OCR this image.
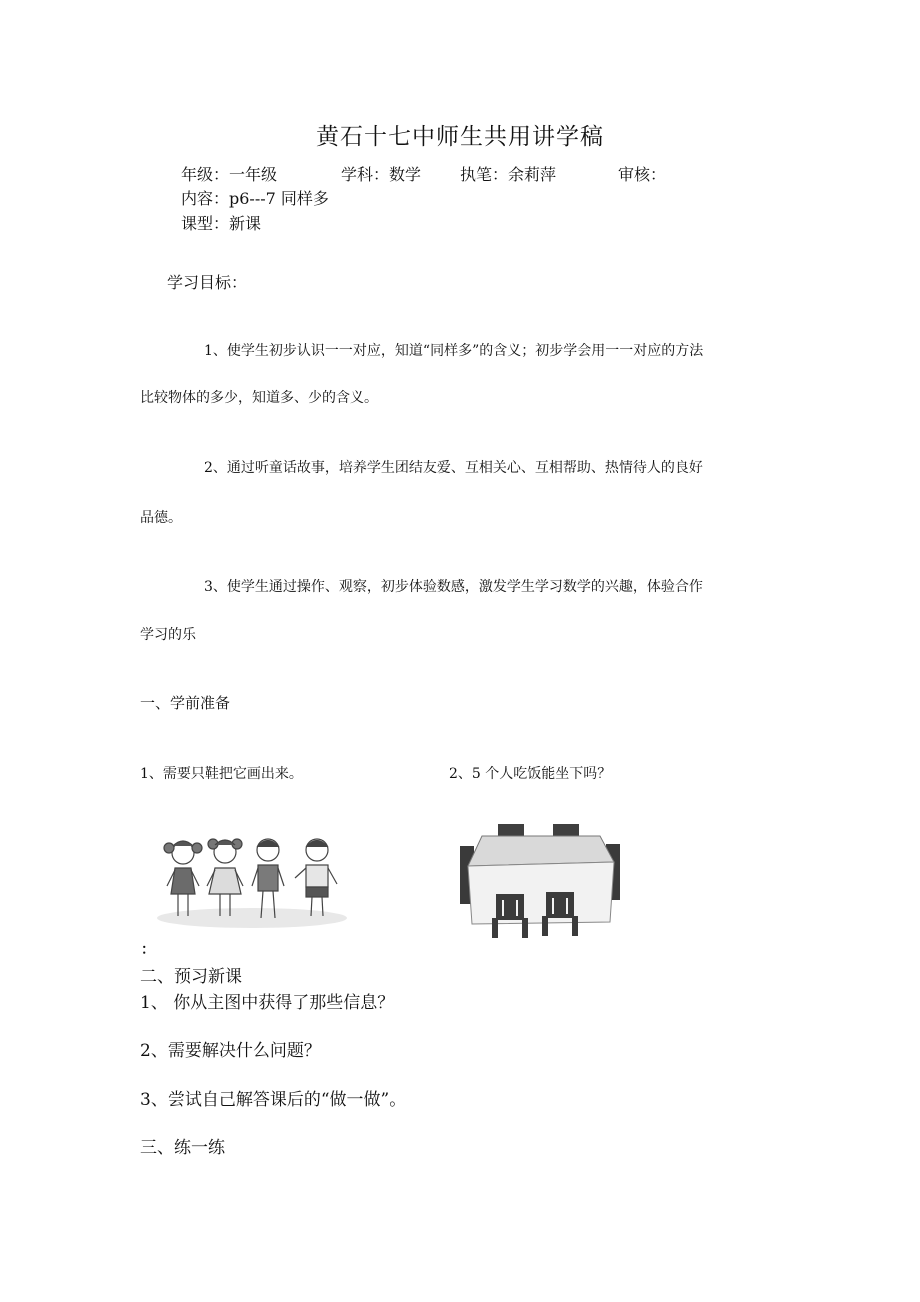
黄石十七中师生共用讲学稿
年级：一年级	学科：数学 执笔：余莉萍	审核：
内容：p6---7 同样多
课型：新课
学习目标：
1、使学生初步认识一一对应，知道“同样多”的含义；初步学会用一一对应的方法
比较物体的多少，知道多、少的含义。
2、通过听童话故事，培养学生团结友爱、互相关心、互相帮助、热情待人的良好
品德。
3、使学生通过操作、观察，初步体验数感，激发学生学习数学的兴趣，体验合作
学习的乐
一、学前准备
1、需要只鞋把它画出来。	2、5 个人吃饭能坐下吗？
：
二、预习新课
1、 你从主图中获得了那些信息？
2、需要解决什么问题？
3、尝试自己解答课后的“做一做”。
三、练一练
